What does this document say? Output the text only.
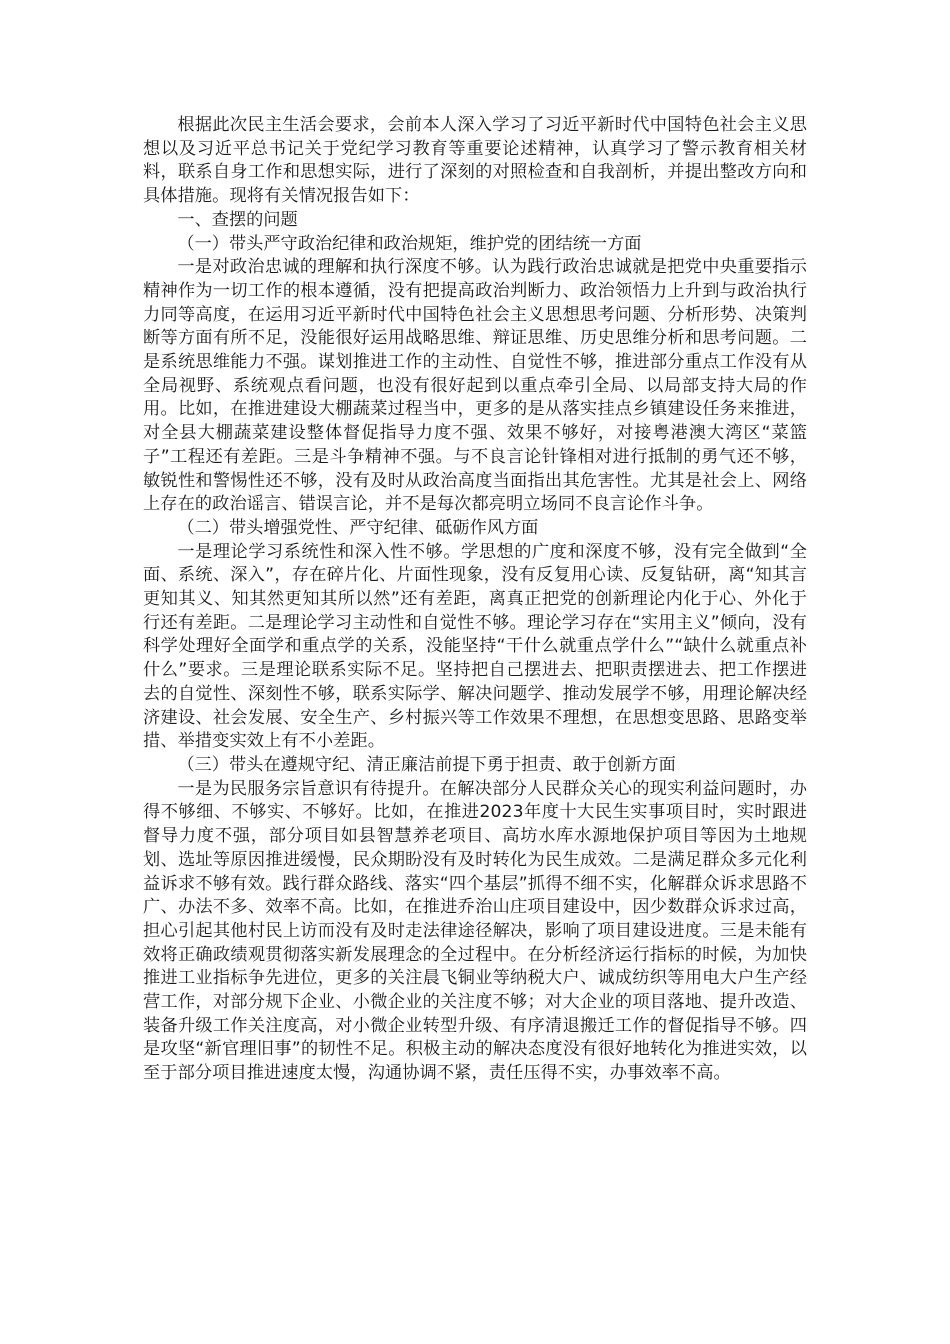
根据此次民主生活会要求，会前本人深入学习了习近平新时代中国特色社会主义思想以及习近平总书记关于党纪学习教育等重要论述精神，认真学习了警示教育相关材料，联系自身工作和思想实际，进行了深刻的对照检查和自我剖析，并提出整改方向和具体措施。现将有关情况报告如下：

一、查摆的问题

（一）带头严守政治纪律和政治规矩，维护党的团结统一方面

一是对政治忠诚的理解和执行深度不够。认为践行政治忠诚就是把党中央重要指示精神作为一切工作的根本遵循，没有把提高政治判断力、政治领悟力上升到与政治执行力同等高度，在运用习近平新时代中国特色社会主义思想思考问题、分析形势、决策判断等方面有所不足，没能很好运用战略思维、辩证思维、历史思维分析和思考问题。二是系统思维能力不强。谋划推进工作的主动性、自觉性不够，推进部分重点工作没有从全局视野、系统观点看问题，也没有很好起到以重点牵引全局、以局部支持大局的作用。比如，在推进建设大棚蔬菜过程当中，更多的是从落实挂点乡镇建设任务来推进，对全县大棚蔬菜建设整体督促指导力度不强、效果不够好，对接粤港澳大湾区“菜篮子”工程还有差距。三是斗争精神不强。与不良言论针锋相对进行抵制的勇气还不够，敏锐性和警惕性还不够，没有及时从政治高度当面指出其危害性。尤其是社会上、网络上存在的政治谣言、错误言论，并不是每次都亮明立场同不良言论作斗争。

（二）带头增强党性、严守纪律、砥砺作风方面

一是理论学习系统性和深入性不够。学思想的广度和深度不够，没有完全做到“全面、系统、深入”，存在碎片化、片面性现象，没有反复用心读、反复钻研，离“知其言更知其义、知其然更知其所以然”还有差距，离真正把党的创新理论内化于心、外化于行还有差距。二是理论学习主动性和自觉性不够。理论学习存在“实用主义”倾向，没有科学处理好全面学和重点学的关系，没能坚持“干什么就重点学什么”“缺什么就重点补什么”要求。三是理论联系实际不足。坚持把自己摆进去、把职责摆进去、把工作摆进去的自觉性、深刻性不够，联系实际学、解决问题学、推动发展学不够，用理论解决经济建设、社会发展、安全生产、乡村振兴等工作效果不理想，在思想变思路、思路变举措、举措变实效上有不小差距。

（三）带头在遵规守纪、清正廉洁前提下勇于担责、敢于创新方面

一是为民服务宗旨意识有待提升。在解决部分人民群众关心的现实利益问题时，办得不够细、不够实、不够好。比如，在推进2023年度十大民生实事项目时，实时跟进督导力度不强，部分项目如县智慧养老项目、高坊水库水源地保护项目等因为土地规划、选址等原因推进缓慢，民众期盼没有及时转化为民生成效。二是满足群众多元化利益诉求不够有效。践行群众路线、落实“四个基层”抓得不细不实，化解群众诉求思路不广、办法不多、效率不高。比如，在推进乔治山庄项目建设中，因少数群众诉求过高，担心引起其他村民上访而没有及时走法律途径解决，影响了项目建设进度。三是未能有效将正确政绩观贯彻落实新发展理念的全过程中。在分析经济运行指标的时候，为加快推进工业指标争先进位，更多的关注晨飞铜业等纳税大户、诚成纺织等用电大户生产经营工作，对部分规下企业、小微企业的关注度不够；对大企业的项目落地、提升改造、装备升级工作关注度高，对小微企业转型升级、有序清退搬迁工作的督促指导不够。四是攻坚“新官理旧事”的韧性不足。积极主动的解决态度没有很好地转化为推进实效，以至于部分项目推进速度太慢，沟通协调不紧，责任压得不实，办事效率不高。
